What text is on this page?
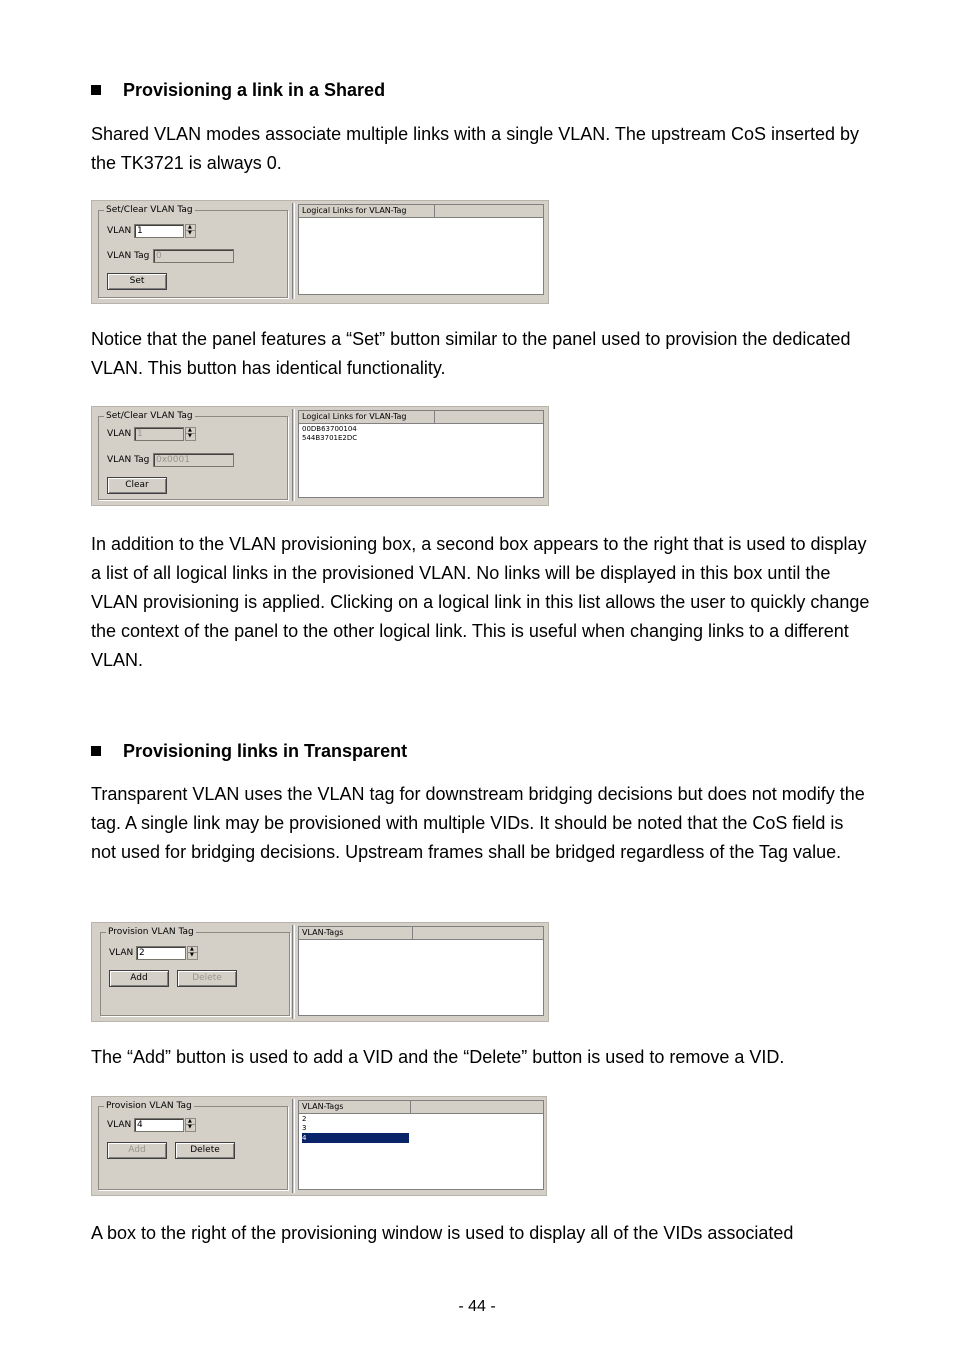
Provisioning a link in a Shared
Shared VLAN modes associate multiple links with a single VLAN. The upstream CoS inserted by the TK3721 is always 0.
Set/Clear VLAN Tag
VLAN 1	▲
▼
VLAN Tag 0
Set
Logical Links for VLAN-Tag
Notice that the panel features a “Set” button similar to the panel used to provision the dedicated VLAN. This button has identical functionality.
Set/Clear VLAN Tag
VLAN 1	▲
▼
VLAN Tag 0x0001
Clear
Logical Links for VLAN-Tag
00DB63700104
544B3701E2DC
In addition to the VLAN provisioning box, a second box appears to the right that is used to display a list of all logical links in the provisioned VLAN. No links will be displayed in this box until the VLAN provisioning is applied. Clicking on a logical link in this list allows the user to quickly change the context of the panel to the other logical link. This is useful when changing links to a different VLAN.
Provisioning links in Transparent
Transparent VLAN uses the VLAN tag for downstream bridging decisions but does not modify the tag. A single link may be provisioned with multiple VIDs. It should be noted that the CoS field is not used for bridging decisions. Upstream frames shall be bridged regardless of the Tag value.
Provision VLAN Tag
VLAN 2	▲
▼
Add	Delete
VLAN-Tags
The “Add” button is used to add a VID and the “Delete” button is used to remove a VID.
Provision VLAN Tag
VLAN 4	▲
▼
Add	Delete
VLAN-Tags
2
3
4
A box to the right of the provisioning window is used to display all of the VIDs associated
- 44 -
